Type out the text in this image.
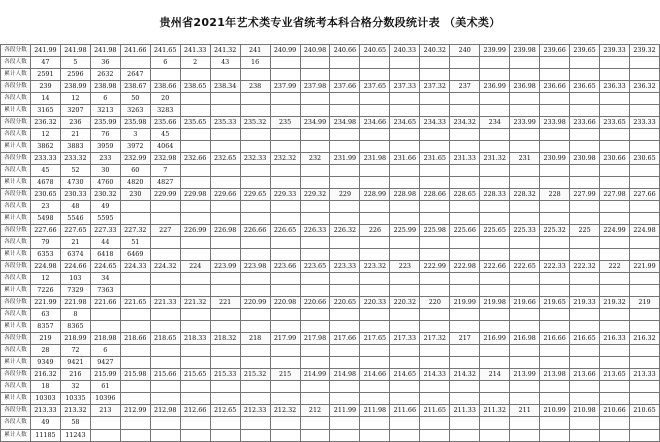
贵州省2021年艺术类专业省统考本科合格分数段统计表 （美术类）
各段分数	241.99	241.98	241.98	241.66	241.65	241.33	241.32	241	240.99	240.98	240.66	240.65	240.33	240.32	240	239.99	239.98	239.66	239.65	239.33	239.32
各段人数	47	5	36		6	2	43	16													
累计人数	2591	2596	2632	2647																	
各段分数	239	238.99	238.98	238.67	238.66	238.65	238.34	238	237.99	237.98	237.66	237.65	237.33	237.32	237	236.99	236.98	236.66	236.65	236.33	236.32
各段人数	14	12	6	50	20																
累计人数	3165	3207	3213	3263	3283																
各段分数	236.32	236	235.99	235.98	235.66	235.65	235.33	235.32	235	234.99	234.98	234.66	234.65	234.33	234.32	234	233.99	233.98	233.66	233.65	233.33
各段人数	12	21	76	3	45																
累计人数	3862	3883	3959	3972	4064																
各段分数	233.33	233.32	233	232.99	232.98	232.66	232.65	232.33	232.32	232	231.99	231.98	231.66	231.65	231.33	231.32	231	230.99	230.98	230.66	230.65
各段人数	45	52	30	60	7																
累计人数	4678	4730	4760	4820	4827																
各段分数	230.65	230.33	230.32	230	229.99	229.98	229.66	229.65	229.33	229.32	229	228.99	228.98	228.66	228.65	228.33	228.32	228	227.99	227.98	227.66
各段人数	23	48	49																		
累计人数	5498	5546	5595																		
各段分数	227.66	227.65	227.33	227.32	227	226.99	226.98	226.66	226.65	226.33	226.32	226	225.99	225.98	225.66	225.65	225.33	225.32	225	224.99	224.98
各段人数	79	21	44	51																	
累计人数	6353	6374	6418	6469																	
各段分数	224.98	224.66	224.65	224.33	224.32	224	223.99	223.98	223.66	223.65	223.33	223.32	223	222.99	222.98	222.66	222.65	222.33	222.32	222	221.99
各段人数	12	103	34																		
累计人数	7226	7329	7363																		
各段分数	221.99	221.98	221.66	221.65	221.33	221.32	221	220.99	220.98	220.66	220.65	220.33	220.32	220	219.99	219.98	219.66	219.65	219.33	219.32	219
各段人数	63	8																			
累计人数	8357	8365																			
各段分数	219	218.99	218.98	218.66	218.65	218.33	218.32	218	217.99	217.98	217.66	217.65	217.33	217.32	217	216.99	216.98	216.66	216.65	216.33	216.32
各段人数	28	72	6																		
累计人数	9349	9421	9427																		
各段分数	216.32	216	215.99	215.98	215.66	215.65	215.33	215.32	215	214.99	214.98	214.66	214.65	214.33	214.32	214	213.99	213.98	213.66	213.65	213.33
各段人数	18	32	61																		
累计人数	10303	10335	10396																		
各段分数	213.33	213.32	213	212.99	212.98	212.66	212.65	212.33	212.32	212	211.99	211.98	211.66	211.65	211.33	211.32	211	210.99	210.98	210.66	210.65
各段人数	49	58																			
累计人数	11185	11243																			
